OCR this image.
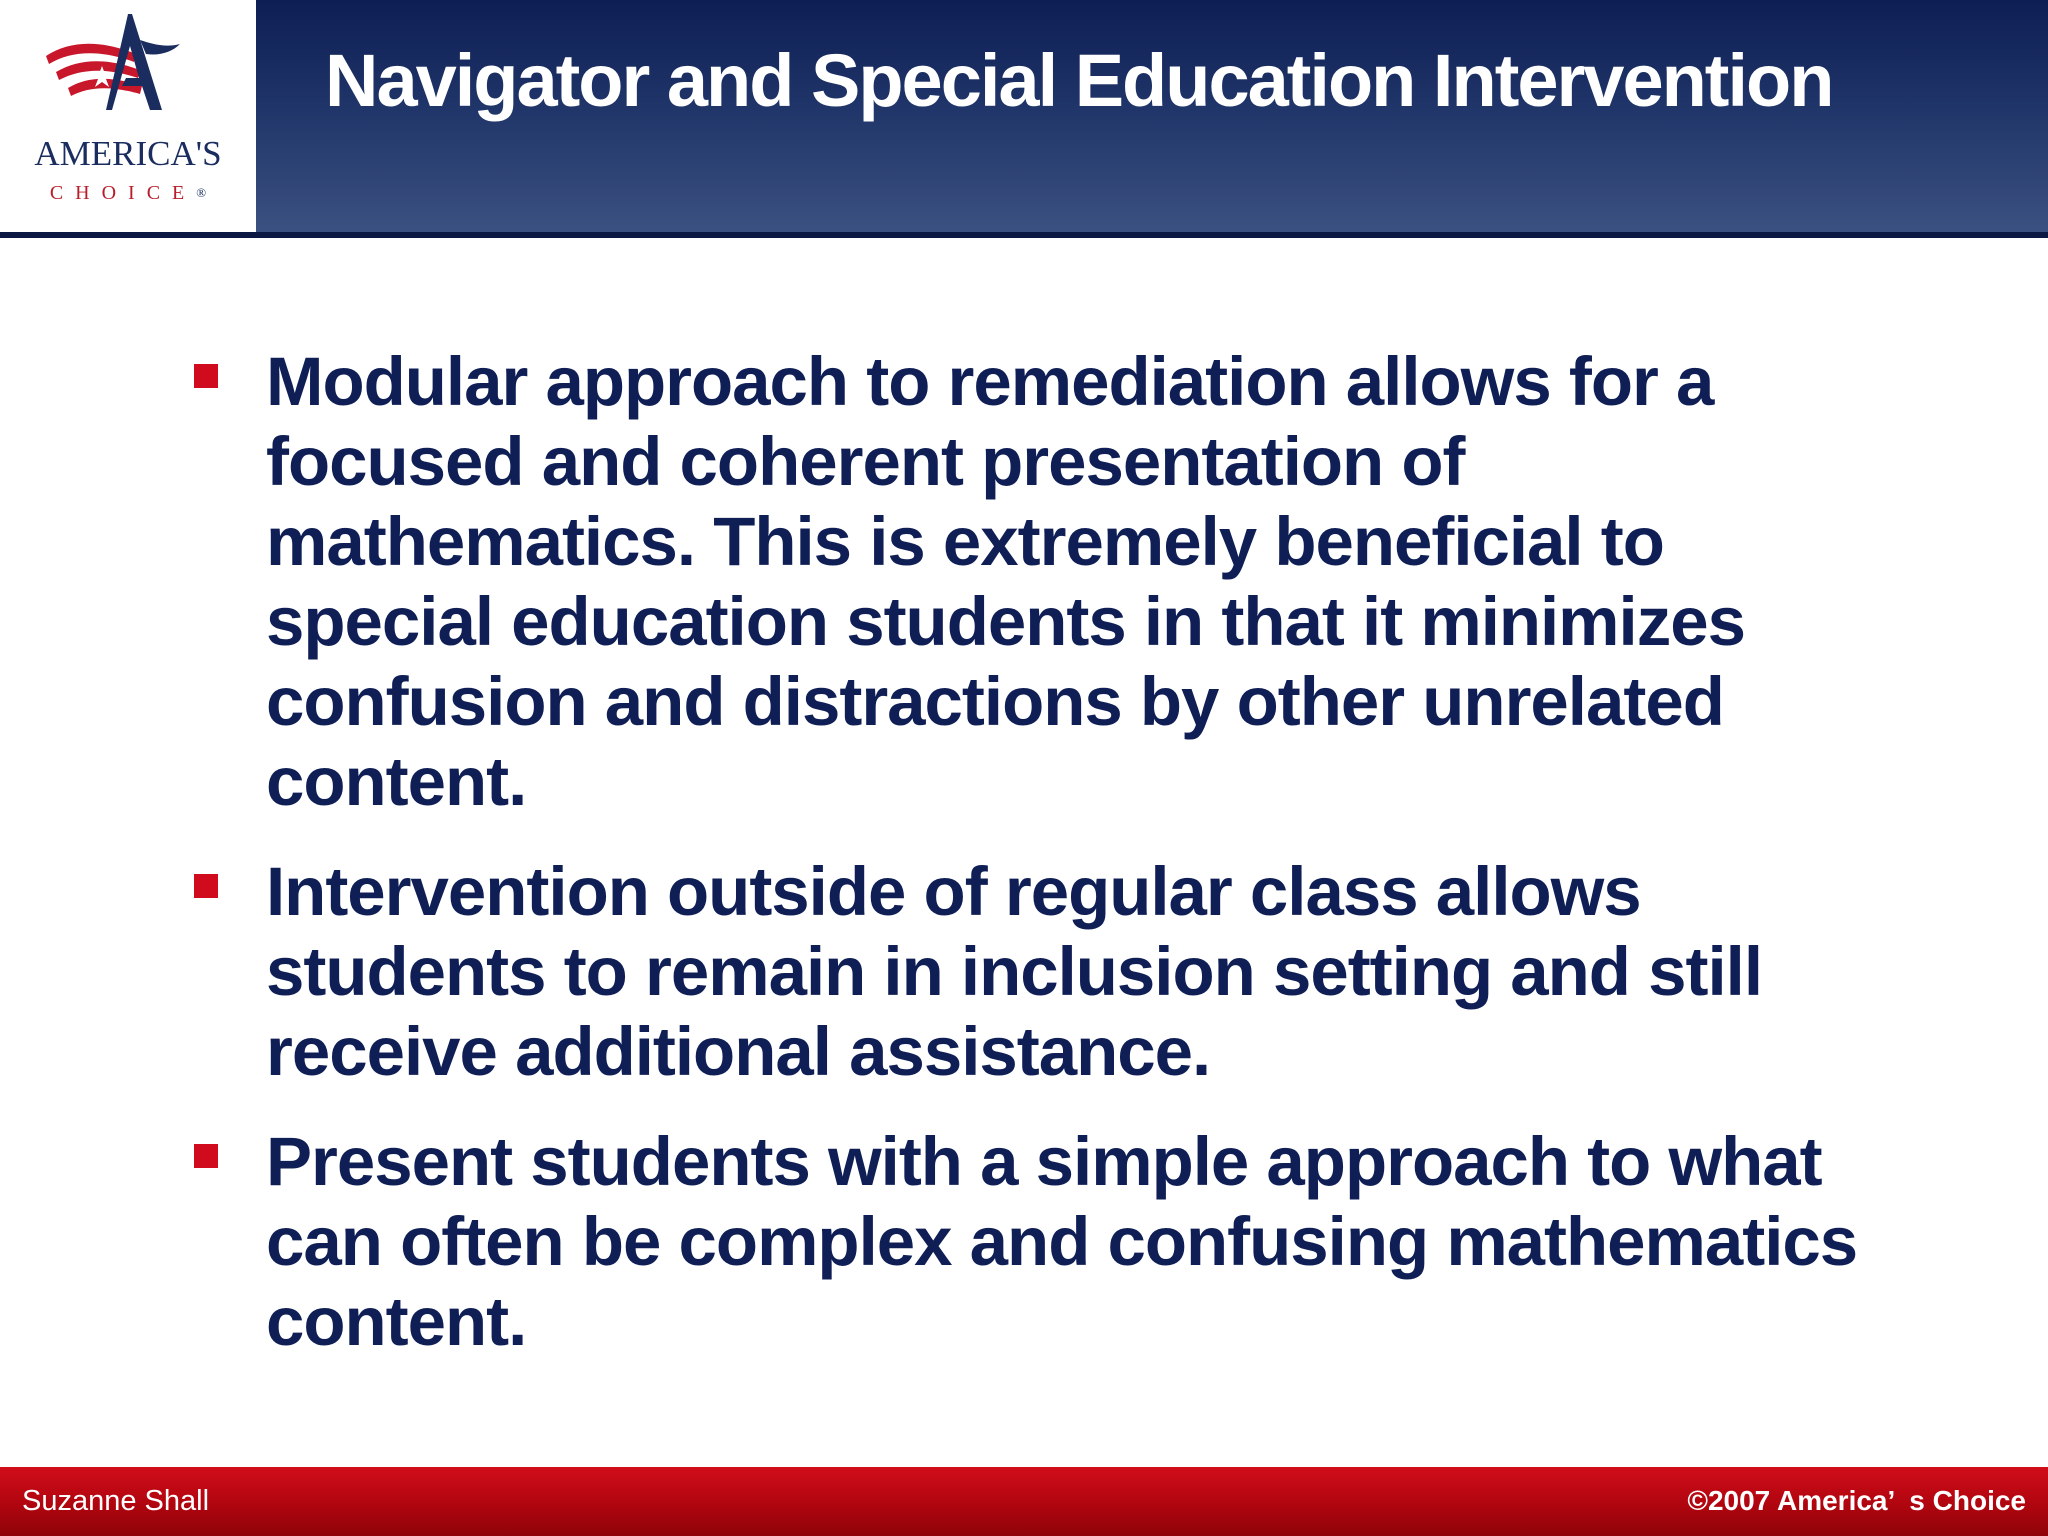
AMERICA'S
CHOICE®
Navigator and Special Education Intervention
Modular approach to remediation allows for a
focused and coherent presentation of
mathematics. This is extremely beneficial to
special education students in that it minimizes
confusion and distractions by other unrelated
content.
Intervention outside of regular class allows
students to remain in inclusion setting and still
receive additional assistance.
Present students with a simple approach to what
can often be complex and confusing mathematics
content.
Suzanne Shall	©2007 America’  s Choice
